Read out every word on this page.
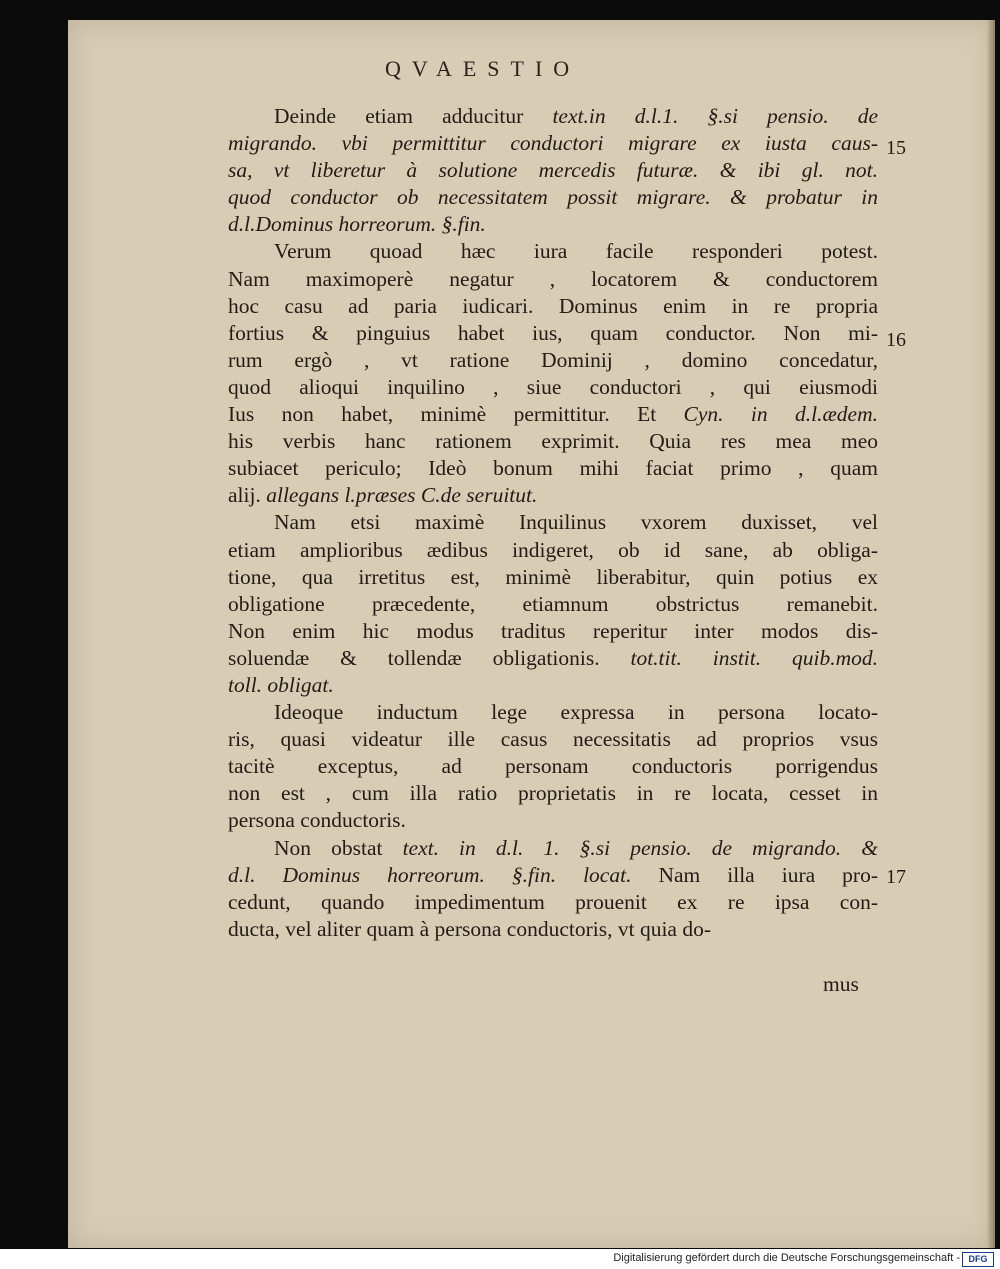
QVAESTIO
Deinde etiam adducitur text.in d.l.1. §.si pensio. de
migrando. vbi permittitur conductori migrare ex iusta caus-
sa, vt liberetur à solutione mercedis futuræ. & ibi gl. not.
quod conductor ob necessitatem possit migrare. & probatur in
d.l.Dominus horreorum. §.fin.
Verum quoad hæc iura facile responderi potest.
Nam maximoperè negatur , locatorem & conductorem
hoc casu ad paria iudicari. Dominus enim in re propria
fortius & pinguius habet ius, quam conductor. Non mi-
rum ergò , vt ratione Dominij , domino concedatur,
quod alioqui inquilino , siue conductori , qui eiusmodi
Ius non habet, minimè permittitur. Et Cyn. in d.l.ædem.
his verbis hanc rationem exprimit. Quia res mea meo
subiacet periculo; Ideò bonum mihi faciat primo , quam
alij. allegans l.præses C.de seruitut.
Nam etsi maximè Inquilinus vxorem duxisset, vel
etiam amplioribus ædibus indigeret, ob id sane, ab obliga-
tione, qua irretitus est, minimè liberabitur, quin potius ex
obligatione præcedente, etiamnum obstrictus remanebit.
Non enim hic modus traditus reperitur inter modos dis-
soluendæ & tollendæ obligationis. tot.tit. instit. quib.mod.
toll. obligat.
Ideoque inductum lege expressa in persona locato-
ris, quasi videatur ille casus necessitatis ad proprios vsus
tacitè exceptus, ad personam conductoris porrigendus
non est , cum illa ratio proprietatis in re locata, cesset in
persona conductoris.
Non obstat text. in d.l. 1. §.si pensio. de migrando. &
d.l. Dominus horreorum. §.fin. locat. Nam illa iura pro-
cedunt, quando impedimentum prouenit ex re ipsa con-
ducta, vel aliter quam à persona conductoris, vt quia do-
15
16
17
mus
Digitalisierung gefördert durch die Deutsche Forschungsgemeinschaft - DFG
